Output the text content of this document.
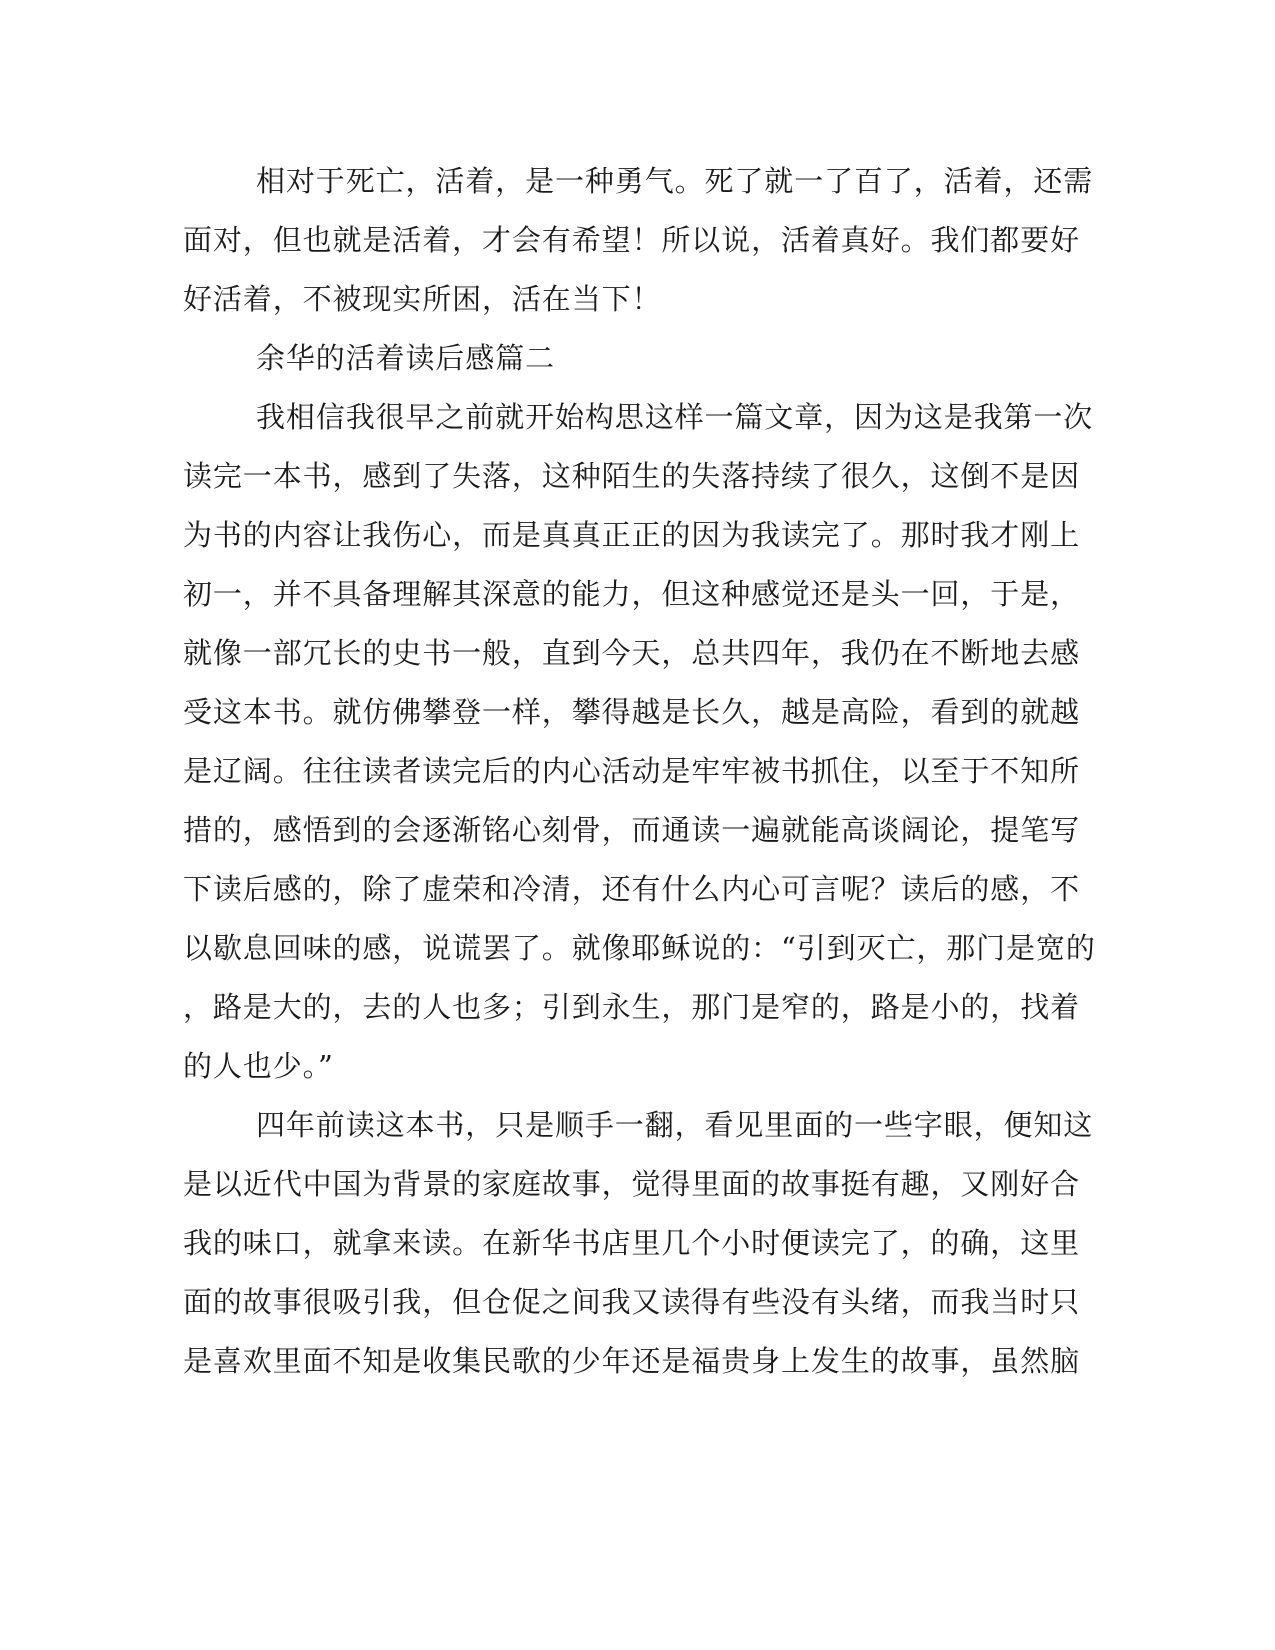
相对于死亡，活着，是一种勇气。死了就一了百了，活着，还需
面对，但也就是活着，才会有希望！所以说，活着真好。我们都要好
好活着，不被现实所困，活在当下！
余华的活着读后感篇二
我相信我很早之前就开始构思这样一篇文章，因为这是我第一次
读完一本书，感到了失落，这种陌生的失落持续了很久，这倒不是因
为书的内容让我伤心，而是真真正正的因为我读完了。那时我才刚上
初一，并不具备理解其深意的能力，但这种感觉还是头一回，于是，
就像一部冗长的史书一般，直到今天，总共四年，我仍在不断地去感
受这本书。就仿佛攀登一样，攀得越是长久，越是高险，看到的就越
是辽阔。往往读者读完后的内心活动是牢牢被书抓住，以至于不知所
措的，感悟到的会逐渐铭心刻骨，而通读一遍就能高谈阔论，提笔写
下读后感的，除了虚荣和冷清，还有什么内心可言呢？读后的感，不
以歇息回味的感，说谎罢了。就像耶稣说的：“引到灭亡，那门是宽的
，路是大的，去的人也多；引到永生，那门是窄的，路是小的，找着
的人也少。”
四年前读这本书，只是顺手一翻，看见里面的一些字眼，便知这
是以近代中国为背景的家庭故事，觉得里面的故事挺有趣，又刚好合
我的味口，就拿来读。在新华书店里几个小时便读完了，的确，这里
面的故事很吸引我，但仓促之间我又读得有些没有头绪，而我当时只
是喜欢里面不知是收集民歌的少年还是福贵身上发生的故事，虽然脑
